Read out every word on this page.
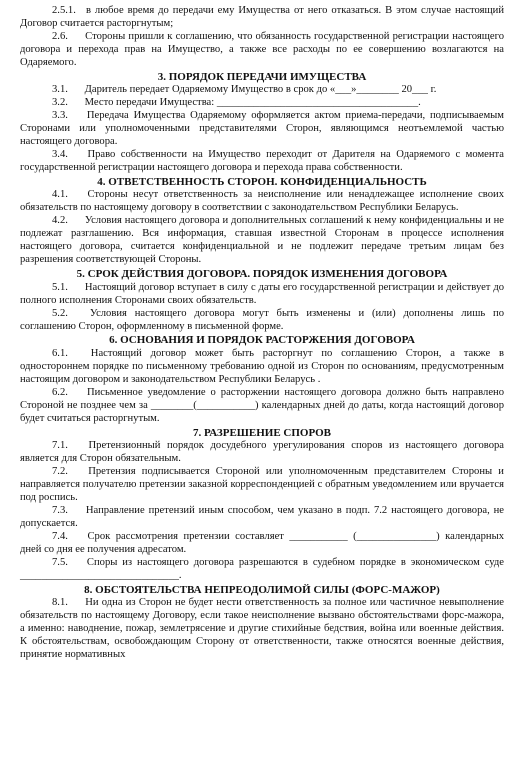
2.5.1. в любое время до передачи ему Имущества от него отказаться. В этом случае настоящий Договор считается расторгнутым;

2.6. Стороны пришли к соглашению, что обязанность государственной регистрации настоящего договора и перехода прав на Имущество, а также все расходы по ее совершению возлагаются на Одаряемого.

3. ПОРЯДОК ПЕРЕДАЧИ ИМУЩЕСТВА

3.1. Даритель передает Одаряемому Имущество в срок до «___»________ 20___ г.

3.2. Место передачи Имущества: ______________________________________.

3.3. Передача Имущества Одаряемому оформляется актом приема-передачи, подписываемым Сторонами или уполномоченными представителями Сторон, являющимся неотъемлемой частью настоящего договора.

3.4. Право собственности на Имущество переходит от Дарителя на Одаряемого с момента государственной регистрации настоящего договора и перехода права собственности.

4. ОТВЕТСТВЕННОСТЬ СТОРОН. КОНФИДЕНЦИАЛЬНОСТЬ

4.1. Стороны несут ответственность за неисполнение или ненадлежащее исполнение своих обязательств по настоящему договору в соответствии с законодательством Республики Беларусь.

4.2. Условия настоящего договора и дополнительных соглашений к нему конфиденциальны и не подлежат разглашению. Вся информация, ставшая известной Сторонам в процессе исполнения настоящего договора, считается конфиденциальной и не подлежит передаче третьим лицам без разрешения соответствующей Стороны.

5. СРОК ДЕЙСТВИЯ ДОГОВОРА. ПОРЯДОК ИЗМЕНЕНИЯ ДОГОВОРА

5.1. Настоящий договор вступает в силу с даты его государственной регистрации и действует до полного исполнения Сторонами своих обязательств.

5.2. Условия настоящего договора могут быть изменены и (или) дополнены лишь по соглашению Сторон, оформленному в письменной форме.

6. ОСНОВАНИЯ И ПОРЯДОК РАСТОРЖЕНИЯ ДОГОВОРА

6.1. Настоящий договор может быть расторгнут по соглашению Сторон, а также в одностороннем порядке по письменному требованию одной из Сторон по основаниям, предусмотренным настоящим договором и законодательством Республики Беларусь .

6.2. Письменное уведомление о расторжении настоящего договора должно быть направлено Стороной не позднее чем за ________(___________) календарных дней до даты, когда настоящий договор будет считаться расторгнутым.

7. РАЗРЕШЕНИЕ СПОРОВ

7.1. Претензионный порядок досудебного урегулирования споров из настоящего договора является для Сторон обязательным.

7.2. Претензия подписывается Стороной или уполномоченным представителем Стороны и направляется получателю претензии заказной корреспонденцией с обратным уведомлением или вручается под роспись.

7.3. Направление претензий иным способом, чем указано в подп. 7.2 настоящего договора, не допускается.

7.4. Срок рассмотрения претензии составляет ___________ (_______________) календарных дней со дня ее получения адресатом.

7.5. Споры из настоящего договора разрешаются в судебном порядке в экономическом суде ______________________________.

8. ОБСТОЯТЕЛЬСТВА НЕПРЕОДОЛИМОЙ СИЛЫ (ФОРС-МАЖОР)

8.1. Ни одна из Сторон не будет нести ответственность за полное или частичное невыполнение обязательств по настоящему Договору, если такое неисполнение вызвано обстоятельствами форс-мажора, а именно: наводнение, пожар, землетрясение и другие стихийные бедствия, война или военные действия. К обстоятельствам, освобождающим Сторону от ответственности, также относятся военные действия, принятие нормативных
